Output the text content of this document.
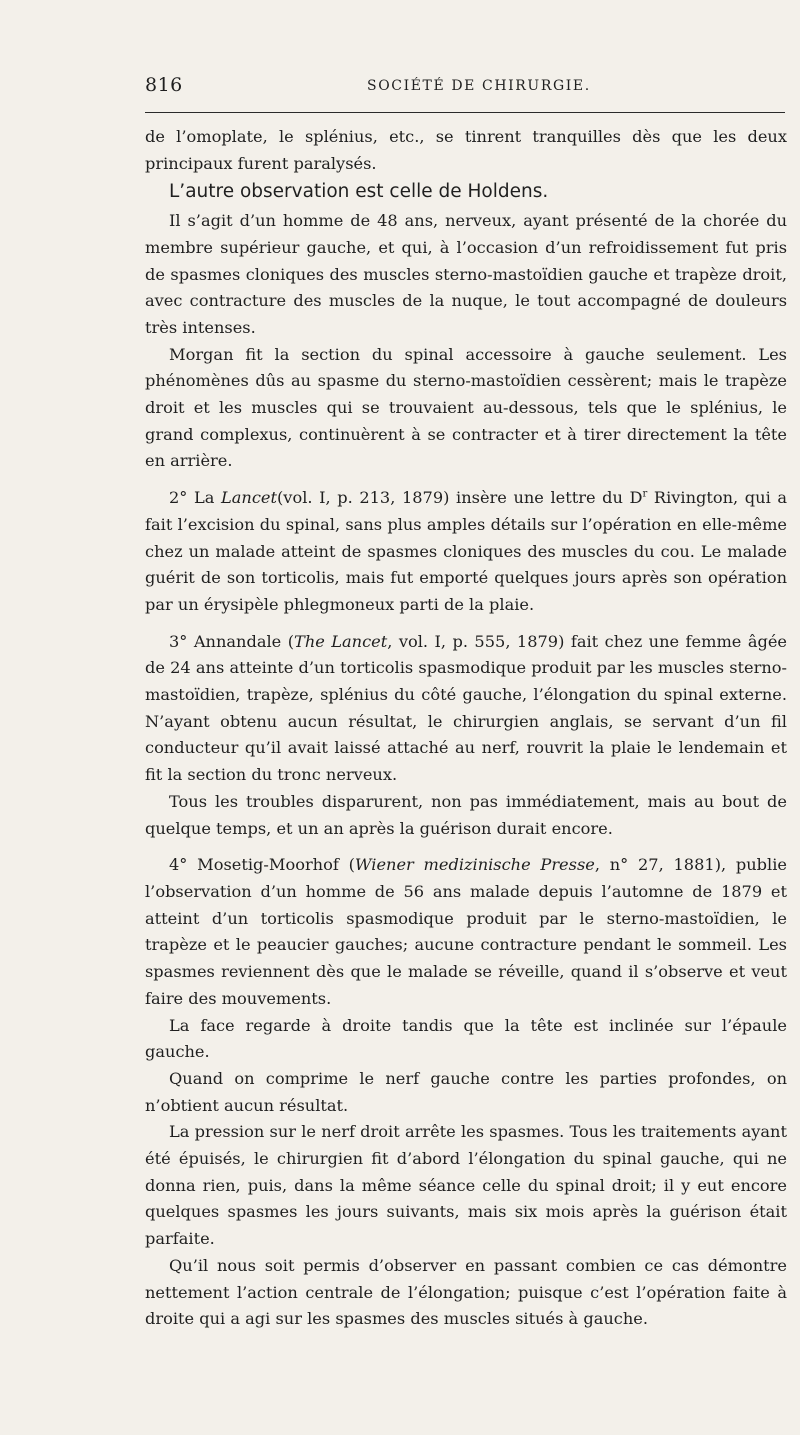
816	SOCIÉTÉ DE CHIRURGIE.

de l’omoplate, le splénius, etc., se tinrent tranquilles dès que les deux principaux furent paralysés.

L’autre observation est celle de Holdens.

Il s’agit d’un homme de 48 ans, nerveux, ayant présenté de la chorée du membre supérieur gauche, et qui, à l’occasion d’un refroidissement fut pris de spasmes cloniques des muscles sterno-mastoïdien gauche et trapèze droit, avec contracture des muscles de la nuque, le tout accompagné de douleurs très intenses.

Morgan fit la section du spinal accessoire à gauche seulement. Les phénomènes dûs au spasme du sterno-mastoïdien cessèrent; mais le trapèze droit et les muscles qui se trouvaient au-dessous, tels que le splénius, le grand complexus, continuèrent à se contracter et à tirer directement la tête en arrière.

2° La Lancet(vol. I, p. 213, 1879) insère une lettre du $D^r$ Rivington, qui a fait l’excision du spinal, sans plus amples détails sur l’opération en elle-même chez un malade atteint de spasmes cloniques des muscles du cou. Le malade guérit de son torticolis, mais fut emporté quelques jours après son opération par un érysipèle phlegmoneux parti de la plaie.

3° Annandale (The Lancet, vol. I, p. 555, 1879) fait chez une femme âgée de 24 ans atteinte d’un torticolis spasmodique produit par les muscles sterno-mastoïdien, trapèze, splénius du côté gauche, l’élongation du spinal externe. N’ayant obtenu aucun résultat, le chirurgien anglais, se servant d’un fil conducteur qu’il avait laissé attaché au nerf, rouvrit la plaie le lendemain et fit la section du tronc nerveux.

Tous les troubles disparurent, non pas immédiatement, mais au bout de quelque temps, et un an après la guérison durait encore.

4° Mosetig-Moorhof (Wiener medizinische Presse, n° 27, 1881), publie l’observation d’un homme de 56 ans malade depuis l’automne de 1879 et atteint d’un torticolis spasmodique produit par le sterno-mastoïdien, le trapèze et le peaucier gauches; aucune contracture pendant le sommeil. Les spasmes reviennent dès que le malade se réveille, quand il s’observe et veut faire des mouvements.

La face regarde à droite tandis que la tête est inclinée sur l’épaule gauche.

Quand on comprime le nerf gauche contre les parties profondes, on n’obtient aucun résultat.

La pression sur le nerf droit arrête les spasmes. Tous les traitements ayant été épuisés, le chirurgien fit d’abord l’élongation du spinal gauche, qui ne donna rien, puis, dans la même séance celle du spinal droit; il y eut encore quelques spasmes les jours suivants, mais six mois après la guérison était parfaite.

Qu’il nous soit permis d’observer en passant combien ce cas démontre nettement l’action centrale de l’élongation; puisque c’est l’opération faite à droite qui a agi sur les spasmes des muscles situés à gauche.
